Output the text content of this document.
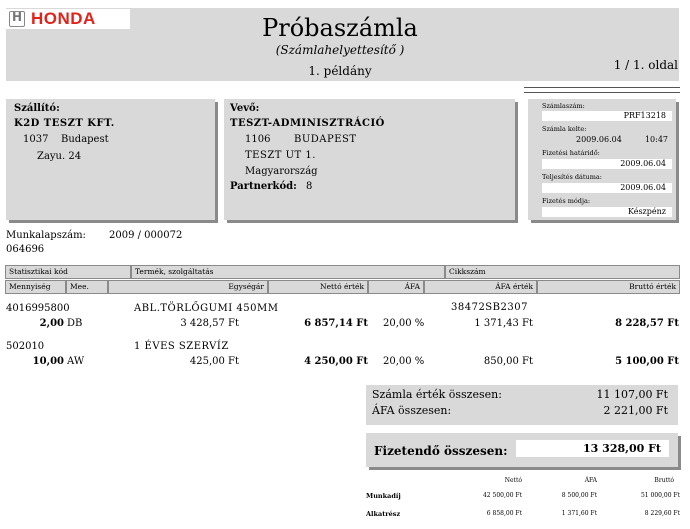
H
HONDA	Próbaszámla
(Számlahelyettesítő )
1. példány	1 / 1. oldal
Szállító:
K2D TESZT KFT.
1037 Budapest
Zayu. 24
Vevő:
TESZT-ADMINISZTRÁCIÓ
1106 BUDAPEST
TESZT UT 1.
Magyarország
Partnerkód: 8
Számlaszám:
PRF13218
Számla kelte:
2009.06.04	10:47
Fizetési határidő:
2009.06.04
Teljesítés dátuma:
2009.06.04
Fizetés módja:
Készpénz
Munkalapszám: 2009 / 000072
064696
Statisztikai kód	Termék, szolgáltatás	Cikkszám
Mennyiség	Mee.	Egységár	Nettó érték	ÁFA	ÁFA érték	Bruttó érték
4016995800	ABL.TÖRLŐGUMI 450MM	38472SB2307
2,00 DB	3 428,57 Ft	6 857,14 Ft 20,00 %	1 371,43 Ft	8 228,57 Ft
502010	1 ÉVES SZERVÍZ
10,00 AW	425,00 Ft	4 250,00 Ft 20,00 %	850,00 Ft	5 100,00 Ft
Számla érték összesen:	11 107,00 Ft
ÁFA összesen:	2 221,00 Ft
Fizetendő összesen:	13 328,00 Ft
Nettó	ÁFA	Bruttó
Munkadíj	42 500,00 Ft	8 500,00 Ft	51 000,00 Ft
Alkatrész	6 858,00 Ft	1 371,60 Ft	8 229,60 Ft
